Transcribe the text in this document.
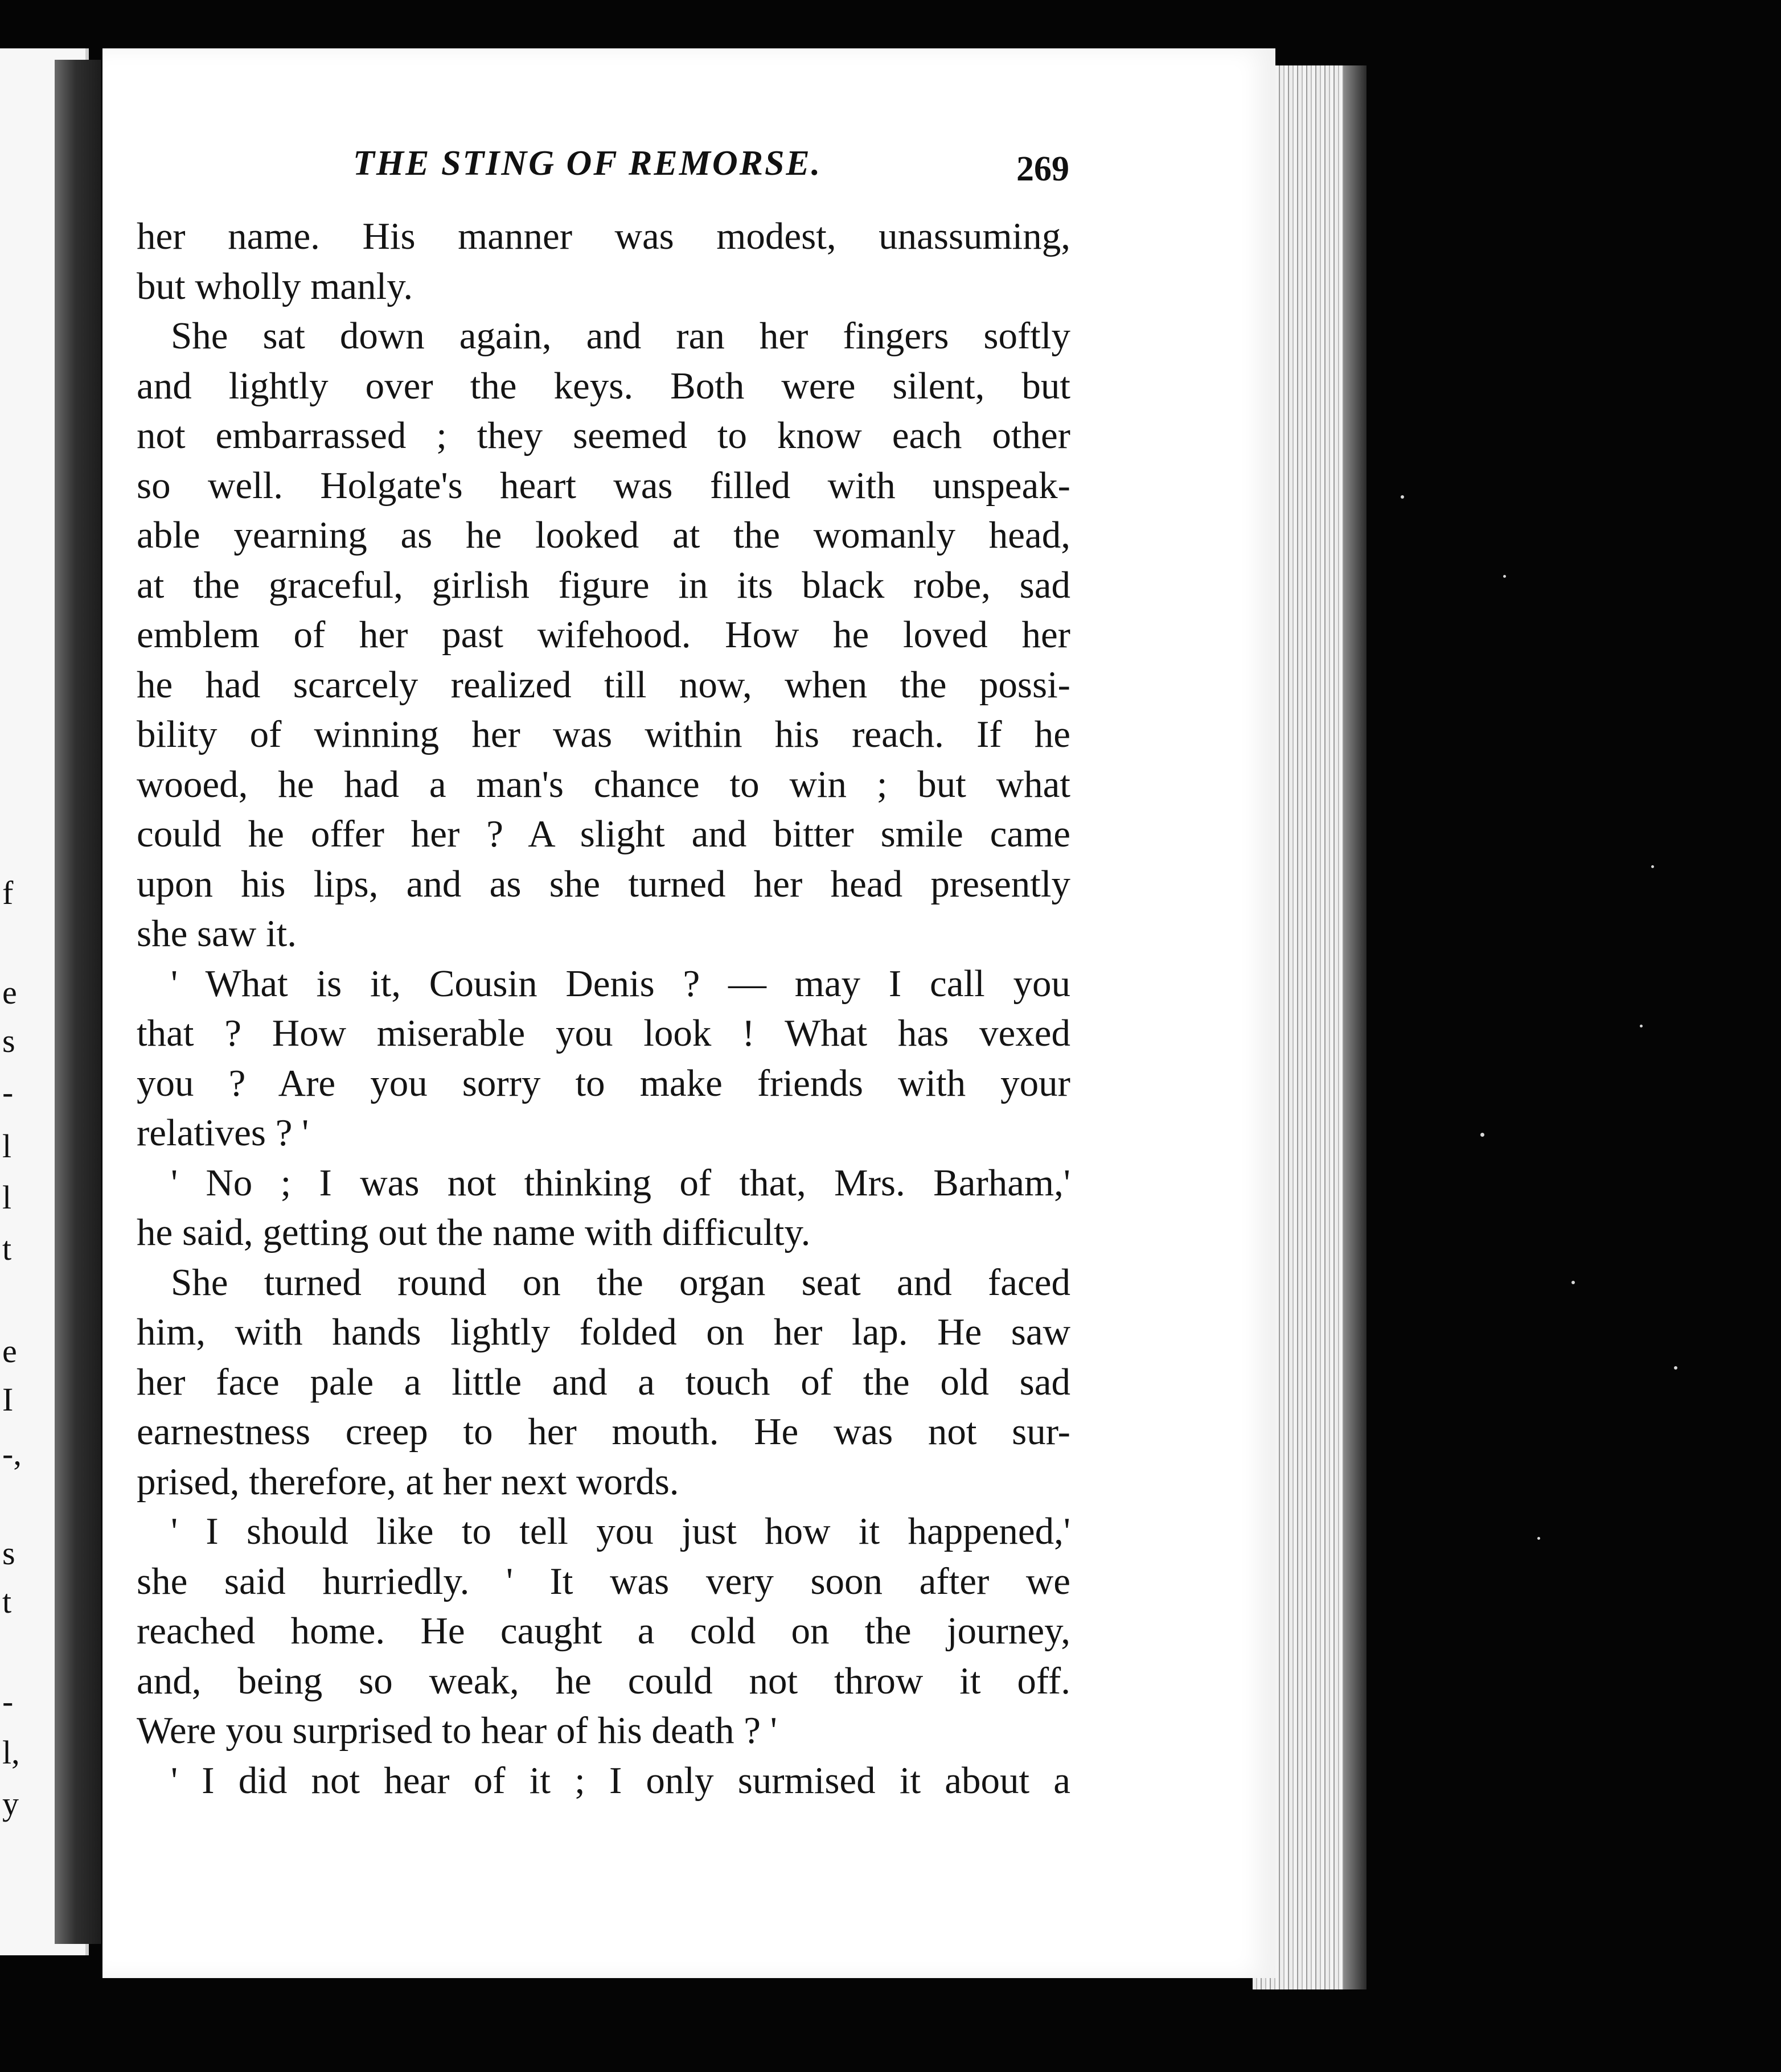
f
e
s
-
l
l
t
e
I
-,
s
t
-
l,
y
THE STING OF REMORSE.	269
her name. His manner was modest, unassuming,
but wholly manly.
She sat down again, and ran her fingers softly
and lightly over the keys. Both were silent, but
not embarrassed ; they seemed to know each other
so well. Holgate's heart was filled with unspeak-
able yearning as he looked at the womanly head,
at the graceful, girlish figure in its black robe, sad
emblem of her past wifehood. How he loved her
he had scarcely realized till now, when the possi-
bility of winning her was within his reach. If he
wooed, he had a man's chance to win ; but what
could he offer her ? A slight and bitter smile came
upon his lips, and as she turned her head presently
she saw it.
' What is it, Cousin Denis ? — may I call you
that ? How miserable you look ! What has vexed
you ? Are you sorry to make friends with your
relatives ? '
' No ; I was not thinking of that, Mrs. Barham,'
he said, getting out the name with difficulty.
She turned round on the organ seat and faced
him, with hands lightly folded on her lap. He saw
her face pale a little and a touch of the old sad
earnestness creep to her mouth. He was not sur-
prised, therefore, at her next words.
' I should like to tell you just how it happened,'
she said hurriedly. ' It was very soon after we
reached home. He caught a cold on the journey,
and, being so weak, he could not throw it off.
Were you surprised to hear of his death ? '
' I did not hear of it ; I only surmised it about a
